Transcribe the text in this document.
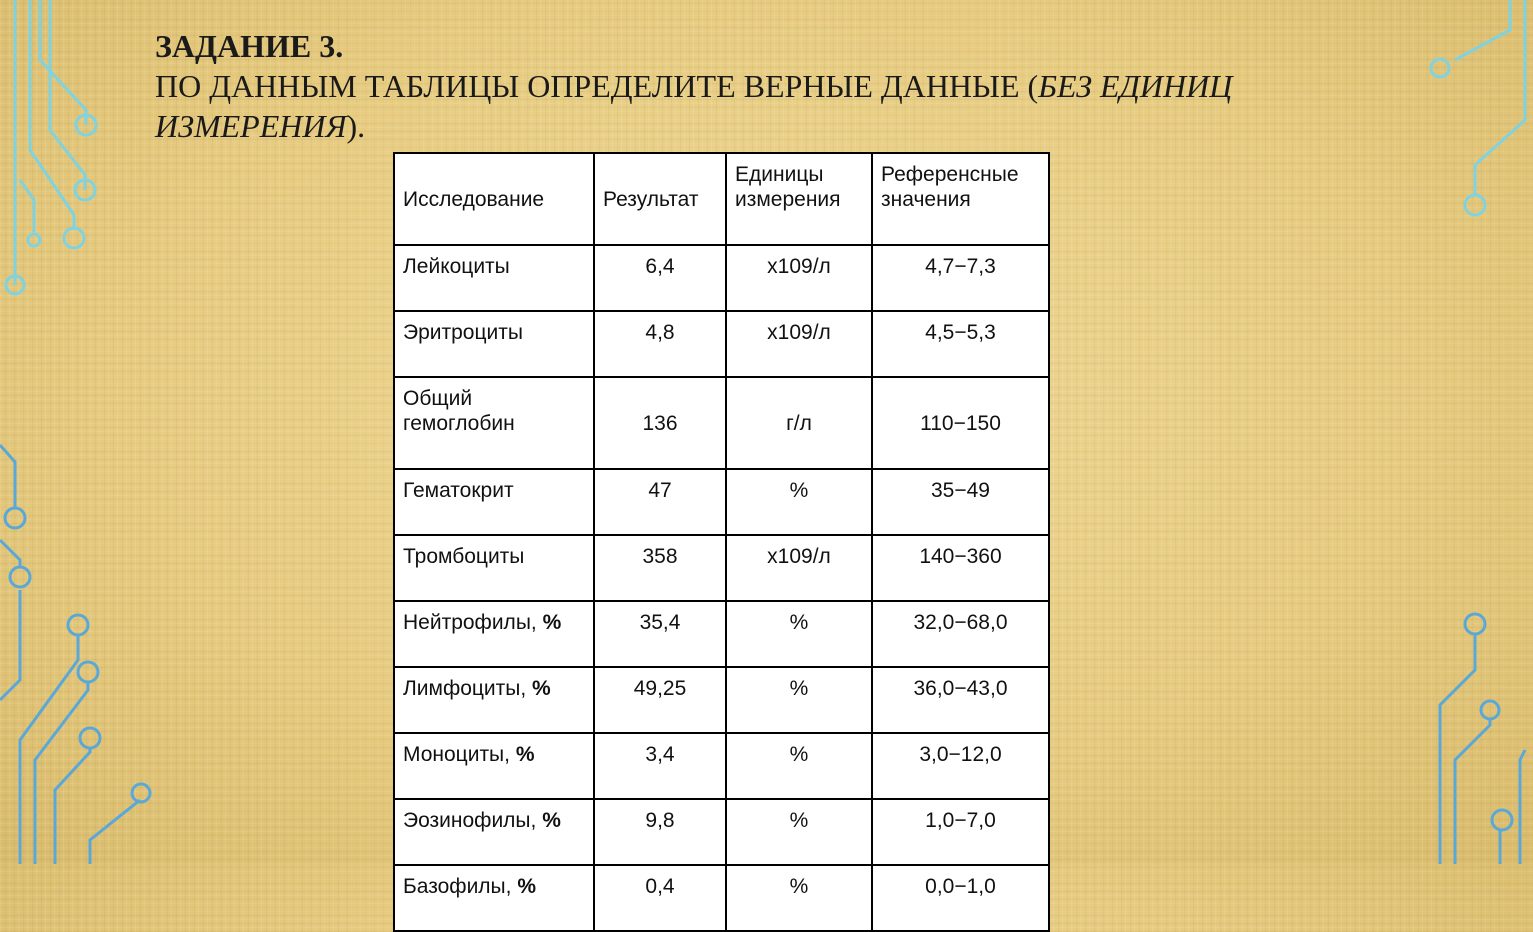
ЗАДАНИЕ 3.
ПО ДАННЫМ ТАБЛИЦЫ ОПРЕДЕЛИТЕ ВЕРНЫЕ ДАННЫЕ (БЕЗ ЕДИНИЦ
ИЗМЕРЕНИЯ).
Исследование	Результат	Единицы измерения	Референсные значения
Лейкоциты	6,4	x109/л	4,7−7,3
Эритроциты	4,8	x109/л	4,5−5,3
Общий гемоглобин	136	г/л	110−150
Гематокрит	47	%	35−49
Тромбоциты	358	x109/л	140−360
Нейтрофилы, %	35,4	%	32,0−68,0
Лимфоциты, %	49,25	%	36,0−43,0
Моноциты, %	3,4	%	3,0−12,0
Эозинофилы, %	9,8	%	1,0−7,0
Базофилы, %	0,4	%	0,0−1,0
